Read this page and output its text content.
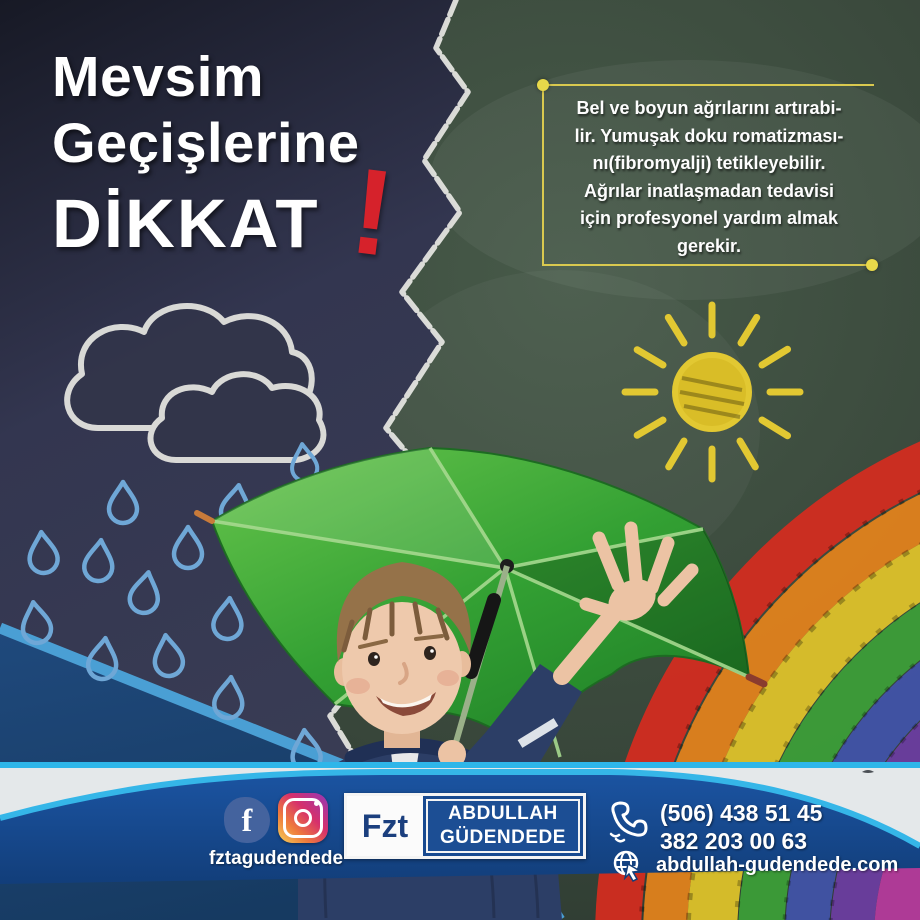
Mevsim
Geçişlerine
DİKKAT !
Bel ve boyun ağrılarını artırabi-
lir. Yumuşak doku romatizması-
nı(fibromyalji) tetikleyebilir.
Ağrılar inatlaşmadan tedavisi
için profesyonel yardım almak
gerekir.
f
fztagudendede
Fzt	ABDULLAH
GÜDENDEDE
(506) 438 51 45
382 203 00 63
abdullah-gudendede.com
